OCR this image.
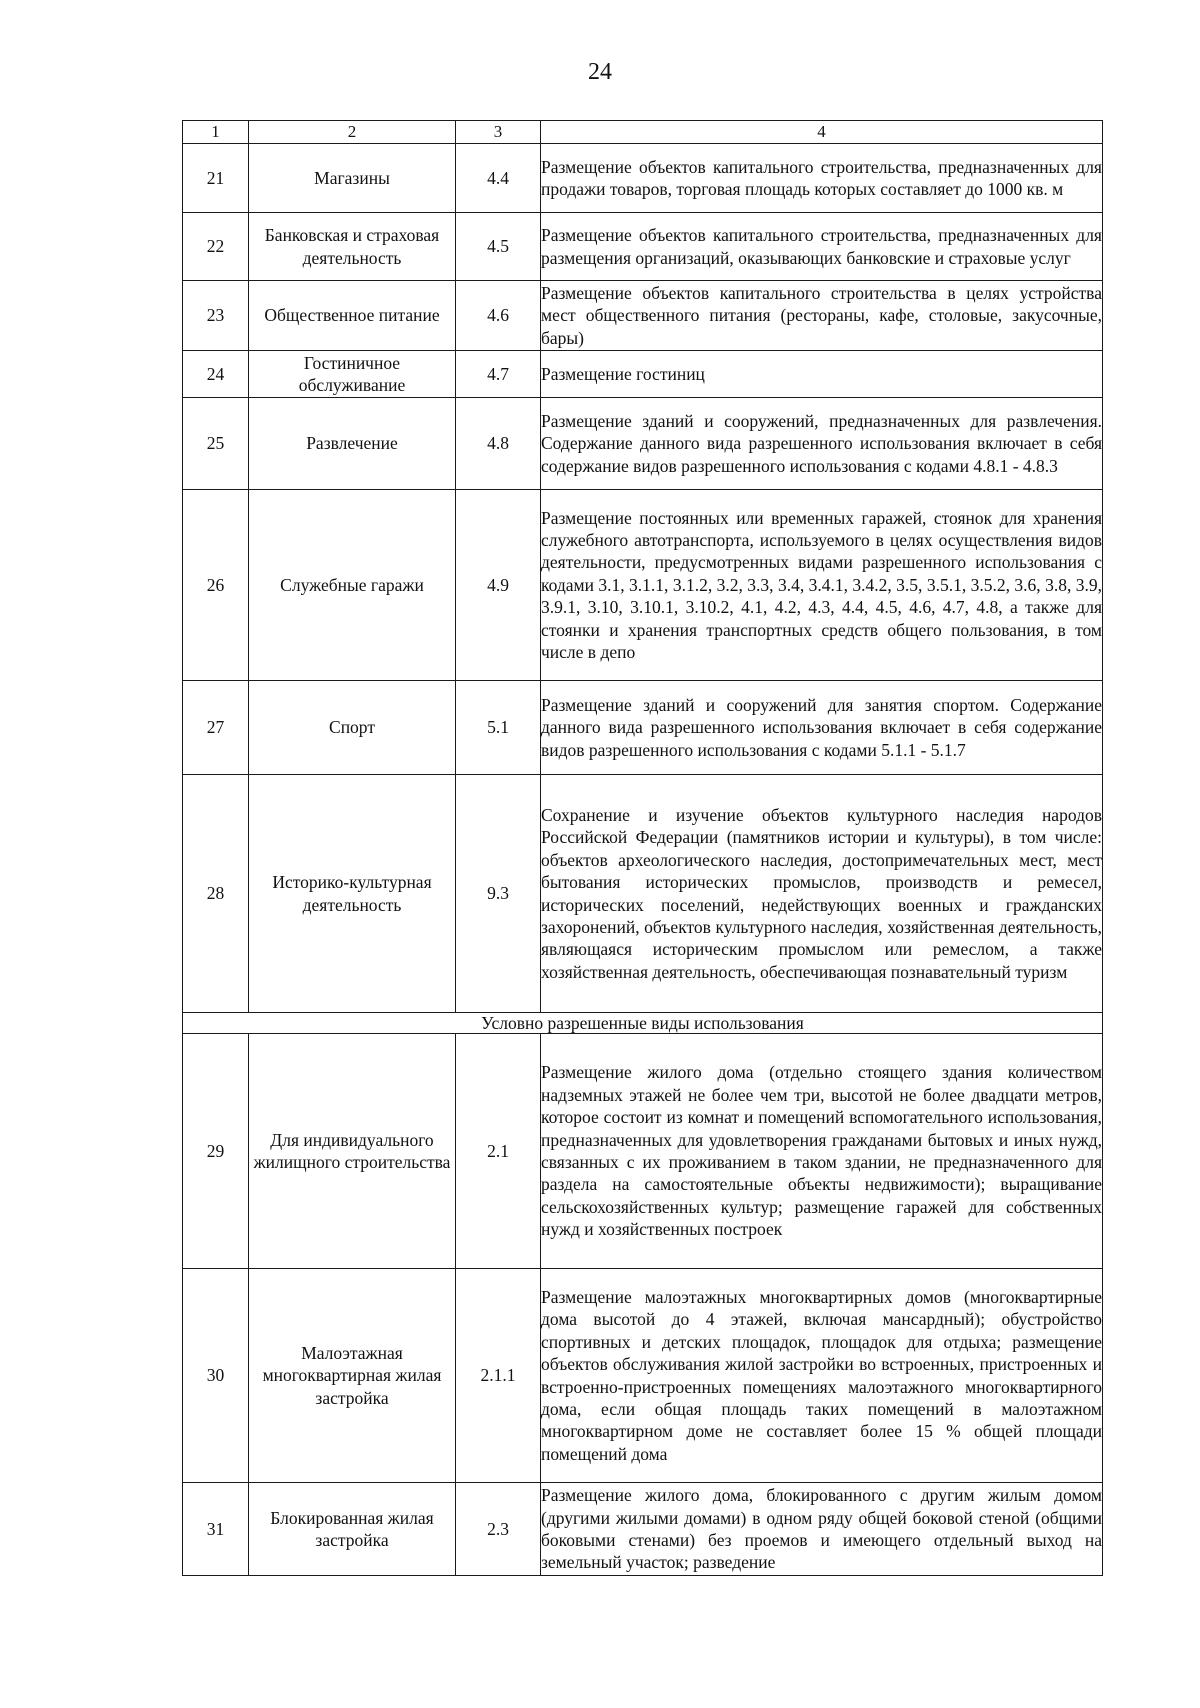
24
1	2	3	4
21	Магазины	4.4	Размещение объектов капитального строительства, предназначенных для продажи товаров, торговая площадь которых составляет до 1000 кв. м
22	Банковская и страховая деятельность	4.5	Размещение объектов капитального строительства, предназначенных для размещения организаций, оказывающих банковские и страховые услуг
23	Общественное питание	4.6	Размещение объектов капитального строительства в целях устройства мест общественного питания (рестораны, кафе, столовые, закусочные, бары)
24	Гостиничное обслуживание	4.7	Размещение гостиниц
25	Развлечение	4.8	Размещение зданий и сооружений, предназначенных для развлечения. Содержание данного вида разрешенного использования включает в себя содержание видов разрешенного использования с кодами 4.8.1 - 4.8.3
26	Служебные гаражи	4.9	Размещение постоянных или временных гаражей, стоянок для хранения служебного автотранспорта, используемого в целях осуществления видов деятельности, предусмотренных видами разрешенного использования с кодами 3.1, 3.1.1, 3.1.2, 3.2, 3.3, 3.4, 3.4.1, 3.4.2, 3.5, 3.5.1, 3.5.2, 3.6, 3.8, 3.9, 3.9.1, 3.10, 3.10.1, 3.10.2, 4.1, 4.2, 4.3, 4.4, 4.5, 4.6, 4.7, 4.8, а также для стоянки и хранения транспортных средств общего пользования, в том числе в депо
27	Спорт	5.1	Размещение зданий и сооружений для занятия спортом. Содержание данного вида разрешенного использования включает в себя содержание видов разрешенного использования с кодами 5.1.1 - 5.1.7
28	Историко-культурная деятельность	9.3	Сохранение и изучение объектов культурного наследия народов Российской Федерации (памятников истории и культуры), в том числе: объектов археологического наследия, достопримечательных мест, мест бытования исторических промыслов, производств и ремесел, исторических поселений, недействующих военных и гражданских захоронений, объектов культурного наследия, хозяйственная деятельность, являющаяся историческим промыслом или ремеслом, а также хозяйственная деятельность, обеспечивающая познавательный туризм
Условно разрешенные виды использования			
29	Для индивидуального жилищного строительства	2.1	Размещение жилого дома (отдельно стоящего здания количеством надземных этажей не более чем три, высотой не более двадцати метров, которое состоит из комнат и помещений вспомогательного использования, предназначенных для удовлетворения гражданами бытовых и иных нужд, связанных с их проживанием в таком здании, не предназначенного для раздела на самостоятельные объекты недвижимости); выращивание сельскохозяйственных культур; размещение гаражей для собственных нужд и хозяйственных построек
30	Малоэтажная многоквартирная жилая застройка	2.1.1	Размещение малоэтажных многоквартирных домов (многоквартирные дома высотой до 4 этажей, включая мансардный); обустройство спортивных и детских площадок, площадок для отдыха; размещение объектов обслуживания жилой застройки во встроенных, пристроенных и встроенно-пристроенных помещениях малоэтажного многоквартирного дома, если общая площадь таких помещений в малоэтажном многоквартирном доме не составляет более 15 % общей площади помещений дома
31	Блокированная жилая застройка	2.3	Размещение жилого дома, блокированного с другим жилым домом (другими жилыми домами) в одном ряду общей боковой стеной (общими боковыми стенами) без проемов и имеющего отдельный выход на земельный участок; разведение
